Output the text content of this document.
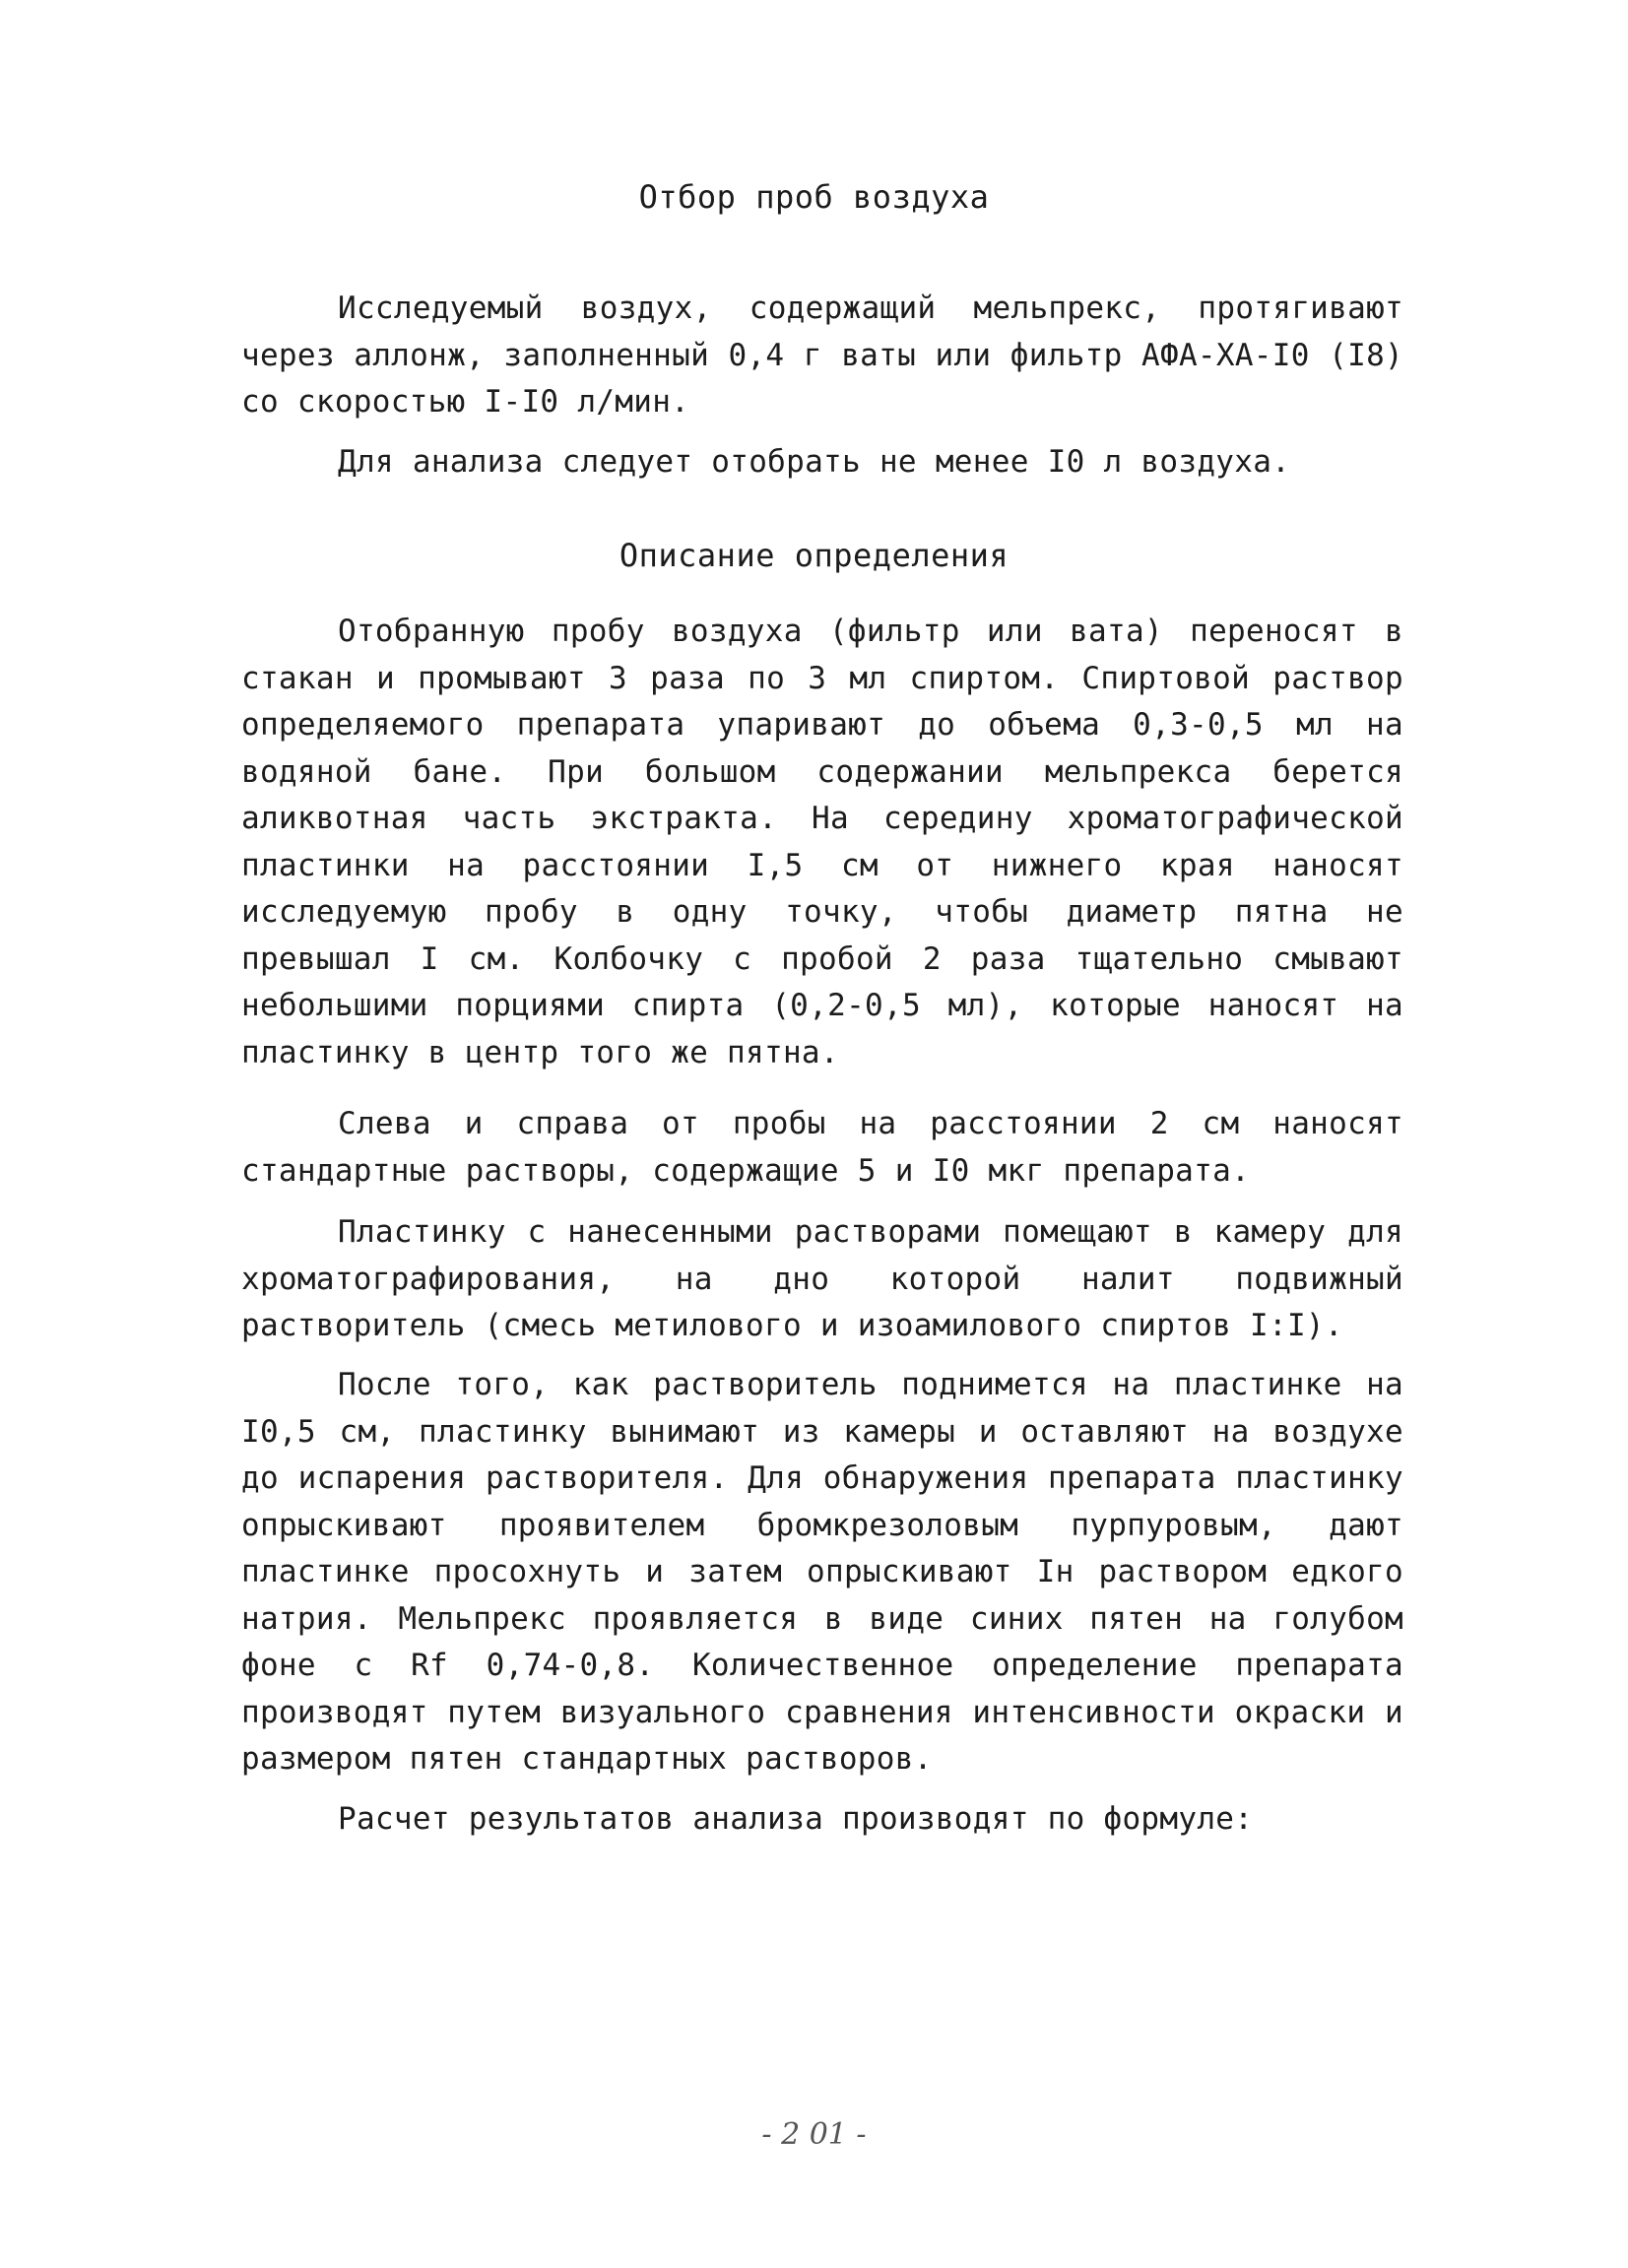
Отбор проб воздуха
Исследуемый воздух, содержащий мельпрекс, протягивают через аллонж, заполненный 0,4 г ваты или фильтр АФА-ХА-I0 (I8) со скоростью I-I0 л/мин.
Для анализа следует отобрать не менее I0 л воздуха.
Описание определения
Отобранную пробу воздуха (фильтр или вата) переносят в стакан и промывают 3 раза по 3 мл спиртом. Спиртовой раствор определяемого препарата упаривают до объема 0,3-0,5 мл на водяной бане. При большом содержании мельпрекса берется аликвотная часть экстракта. На середину хроматографической пластинки на расстоянии I,5 см от нижнего края наносят исследуемую пробу в одну точку, чтобы диаметр пятна не превышал I см. Колбочку с пробой 2 раза тщательно смывают небольшими порциями спирта (0,2-0,5 мл), которые наносят на пластинку в центр того же пятна.
Слева и справа от пробы на расстоянии 2 см наносят стандартные растворы, содержащие 5 и I0 мкг препарата.
Пластинку с нанесенными растворами помещают в камеру для хроматографирования, на дно которой налит подвижный растворитель (смесь метилового и изоамилового спиртов I:I).
После того, как растворитель поднимется на пластинке на I0,5 см, пластинку вынимают из камеры и оставляют на воздухе до испарения растворителя. Для обнаружения препарата пластинку опрыскивают проявителем бромкрезоловым пурпуровым, дают пластинке просохнуть и затем опрыскивают Iн раствором едкого натрия. Мельпрекс проявляется в виде синих пятен на голубом фоне с Rf 0,74-0,8. Количественное определение препарата производят путем визуального сравнения интенсивности окраски и размером пятен стандартных растворов.
Расчет результатов анализа производят по формуле:
- 2 01 -
